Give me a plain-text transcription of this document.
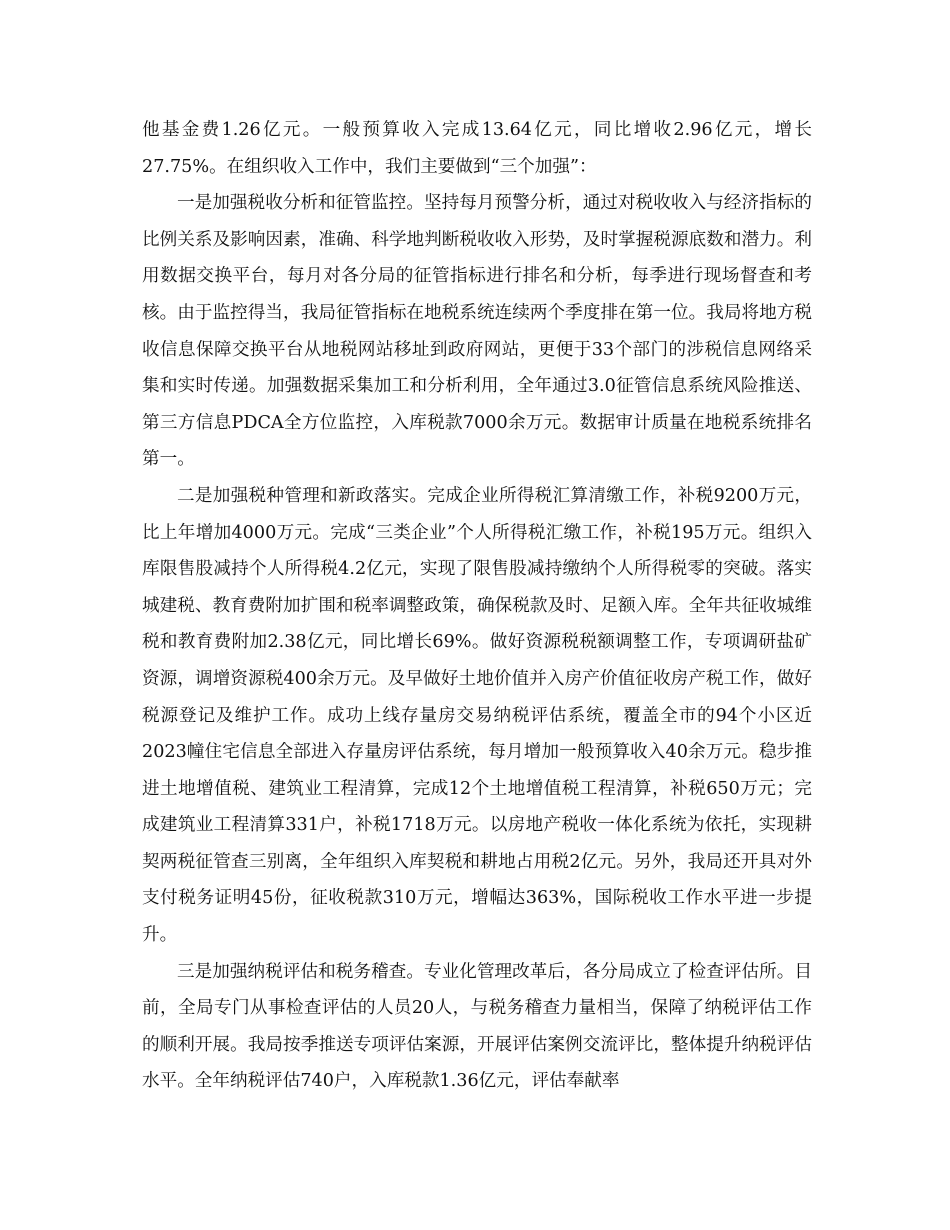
他基金费1.26亿元。一般预算收入完成13.64亿元，同比增收2.96亿元，增长27.75%。在组织收入工作中，我们主要做到“三个加强”：

一是加强税收分析和征管监控。坚持每月预警分析，通过对税收收入与经济指标的比例关系及影响因素，准确、科学地判断税收收入形势，及时掌握税源底数和潜力。利用数据交换平台，每月对各分局的征管指标进行排名和分析，每季进行现场督查和考核。由于监控得当，我局征管指标在地税系统连续两个季度排在第一位。我局将地方税收信息保障交换平台从地税网站移址到政府网站，更便于33个部门的涉税信息网络采集和实时传递。加强数据采集加工和分析利用，全年通过3.0征管信息系统风险推送、第三方信息PDCA全方位监控，入库税款7000余万元。数据审计质量在地税系统排名第一。

二是加强税种管理和新政落实。完成企业所得税汇算清缴工作，补税9200万元，比上年增加4000万元。完成“三类企业”个人所得税汇缴工作，补税195万元。组织入库限售股减持个人所得税4.2亿元，实现了限售股减持缴纳个人所得税零的突破。落实城建税、教育费附加扩围和税率调整政策，确保税款及时、足额入库。全年共征收城维税和教育费附加2.38亿元，同比增长69%。做好资源税税额调整工作，专项调研盐矿资源，调增资源税400余万元。及早做好土地价值并入房产价值征收房产税工作，做好税源登记及维护工作。成功上线存量房交易纳税评估系统，覆盖全市的94个小区近2023幢住宅信息全部进入存量房评估系统，每月增加一般预算收入40余万元。稳步推进土地增值税、建筑业工程清算，完成12个土地增值税工程清算，补税650万元；完成建筑业工程清算331户，补税1718万元。以房地产税收一体化系统为依托，实现耕契两税征管查三别离，全年组织入库契税和耕地占用税2亿元。另外，我局还开具对外支付税务证明45份，征收税款310万元，增幅达363%，国际税收工作水平进一步提升。

三是加强纳税评估和税务稽查。专业化管理改革后，各分局成立了检查评估所。目前，全局专门从事检查评估的人员20人，与税务稽查力量相当，保障了纳税评估工作的顺利开展。我局按季推送专项评估案源，开展评估案例交流评比，整体提升纳税评估水平。全年纳税评估740户，入库税款1.36亿元，评估奉献率
